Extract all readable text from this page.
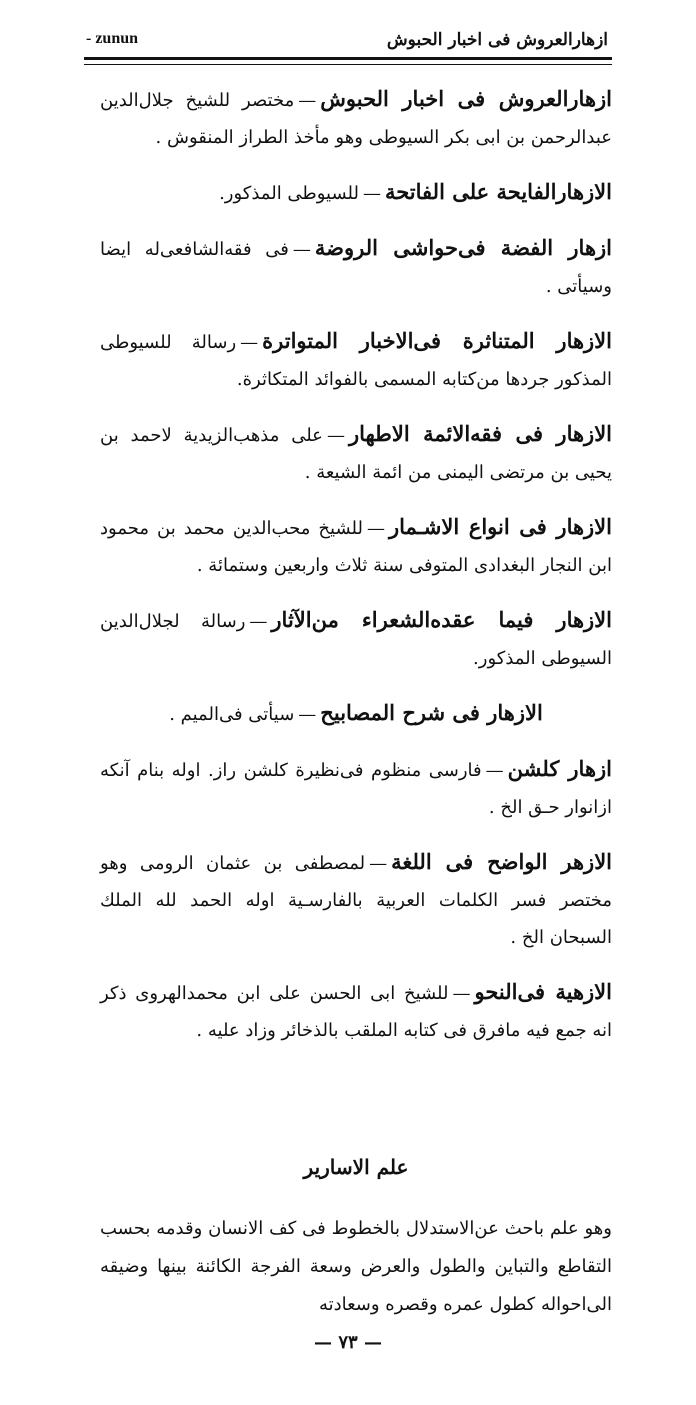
- zunun	ازهارالعروش فى اخبار الحبوش

ازهارالعروش فى اخبار الحبوش—مختصر للشيخ جلال‌الدين عبدالرحمن بن ابى بكر السيوطى وهو مأخذ الطراز المنقوش .

الازهارالفايحة على الفاتحة—للسيوطى المذكور.

ازهار الفضة فى‌حواشى الروضة—فى فقه‌الشافعى‌له ايضا وسيأتى .

الازهار المتناثرة فى‌الاخبار المتواترة—رسالة للسيوطى المذكور جردها من‌كتابه المسمى بالفوائد المتكاثرة.

الازهار فى فقه‌الائمة الاطهار—على مذهب‌الزيدية لاحمد بن يحيى بن مرتضى اليمنى من ائمة الشيعة .

الازهار فى انواع الاشـمار—للشيخ محب‌الدين محمد بن محمود ابن النجار البغدادى المتوفى سنة ثلاث واربعين وستمائة .

الازهار فيما عقده‌الشعراء من‌الآثار—رسالة لجلال‌الدين السيوطى المذكور.

الازهار فى شرح المصابيح—سيأتى فى‌الميم .

ازهار كلشن—فارسى منظوم فى‌نظيرة كلشن راز. اوله بنام آنكه ازانوار حـق الخ .

الازهر الواضح فى اللغة—لمصطفى بن عثمان الرومى وهو مختصر فسر الكلمات العربية بالفارسـية اوله الحمد لله الملك السبحان الخ .

الازهية فى‌النحو—للشيخ ابى الحسن على ابن محمدالهروى ذكر انه جمع فيه مافرق فى كتابه الملقب بالذخائر وزاد عليه .

علم الاسارير
وهو علم باحث عن‌الاستدلال بالخطوط فى كف الانسان وقدمه بحسب التقاطع والتباين والطول والعرض وسعة الفرجة الكائنة بينها وضيقه الى‌احواله كطول عمره وقصره وسعادته
— ٧٣ —
